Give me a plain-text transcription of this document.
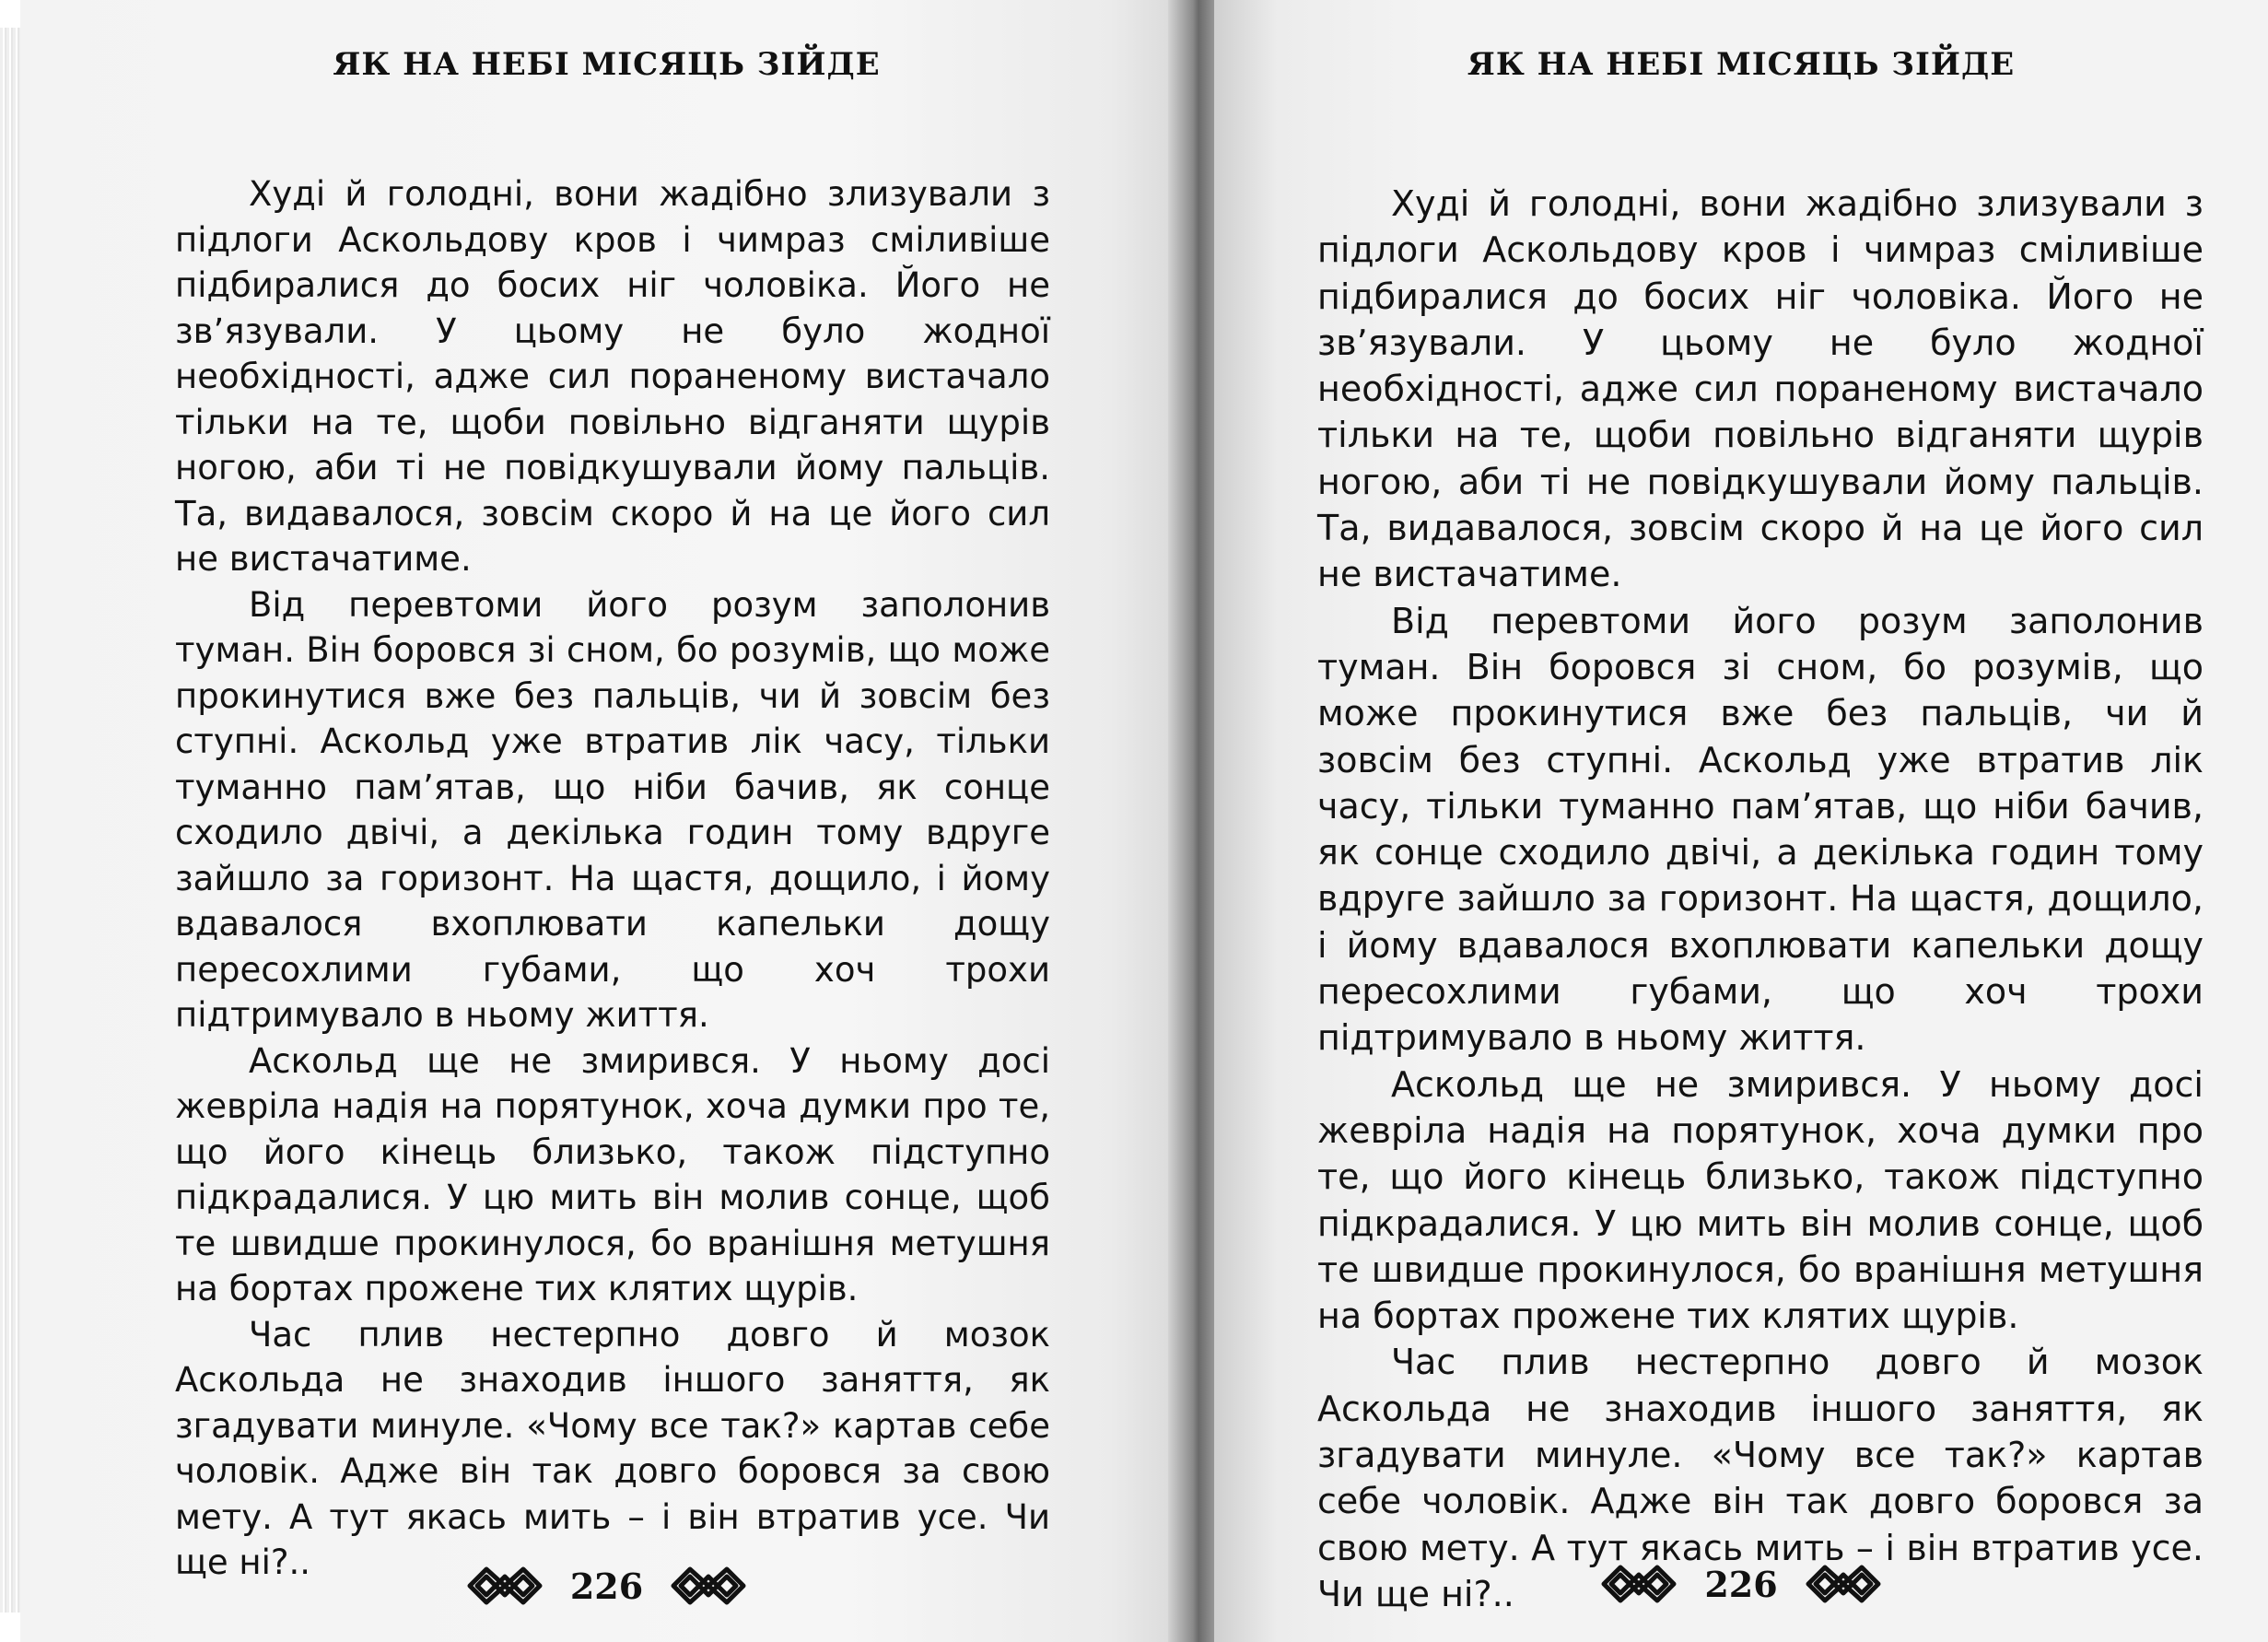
ЯК НА НЕБІ МІСЯЦЬ ЗІЙДЕ

Худі й голодні, вони жадібно злизували з підлоги Аскольдову кров і чимраз сміливіше підбиралися до босих ніг чоловіка. Його не зв’язували. У цьому не було жодної необхідності, адже сил пораненому вистачало тільки на те, щоби повільно відганяти щурів ногою, аби ті не повідкушували йому пальців. Та, видавалося, зовсім скоро й на це його сил не вистачатиме.

Від перевтоми його розум заполонив туман. Він боровся зі сном, бо розумів, що може прокинутися вже без пальців, чи й зовсім без ступні. Аскольд уже втратив лік часу, тільки туманно пам’ятав, що ніби бачив, як сонце сходило двічі, а декілька годин тому вдруге зайшло за горизонт. На щастя, дощило, і йому вдавалося вхоплювати капельки дощу пересохлими губами, що хоч трохи підтримувало в ньому життя.

Аскольд ще не змирився. У ньому досі жевріла надія на порятунок, хоча думки про те, що його кінець близько, також підступно підкрадалися. У цю мить він молив сонце, щоб те швидше прокинулося, бо вранішня метушня на бортах прожене тих клятих щурів.

Час плив нестерпно довго й мозок Аскольда не знаходив іншого заняття, як згадувати минуле. «Чому все так?» картав себе чоловік. Адже він так довго боровся за свою мету. А тут якась мить – і він втратив усе. Чи ще ні?..

226
ЯК НА НЕБІ МІСЯЦЬ ЗІЙДЕ

Худі й голодні, вони жадібно злизували з підлоги Аскольдову кров і чимраз сміливіше підбиралися до босих ніг чоловіка. Його не зв’язували. У цьому не було жодної необхідності, адже сил пораненому вистачало тільки на те, щоби повільно відганяти щурів ногою, аби ті не повідкушували йому пальців. Та, видавалося, зовсім скоро й на це його сил не вистачатиме.

Від перевтоми його розум заполонив туман. Він боровся зі сном, бо розумів, що може прокинутися вже без пальців, чи й зовсім без ступні. Аскольд уже втратив лік часу, тільки туманно пам’ятав, що ніби бачив, як сонце сходило двічі, а декілька годин тому вдруге зайшло за горизонт. На щастя, дощило, і йому вдавалося вхоплювати капельки дощу пересохлими губами, що хоч трохи підтримувало в ньому життя.

Аскольд ще не змирився. У ньому досі жевріла надія на порятунок, хоча думки про те, що його кінець близько, також підступно підкрадалися. У цю мить він молив сонце, щоб те швидше прокинулося, бо вранішня метушня на бортах прожене тих клятих щурів.

Час плив нестерпно довго й мозок Аскольда не знаходив іншого заняття, як згадувати минуле. «Чому все так?» картав себе чоловік. Адже він так довго боровся за свою мету. А тут якась мить – і він втратив усе. Чи ще ні?..	226
